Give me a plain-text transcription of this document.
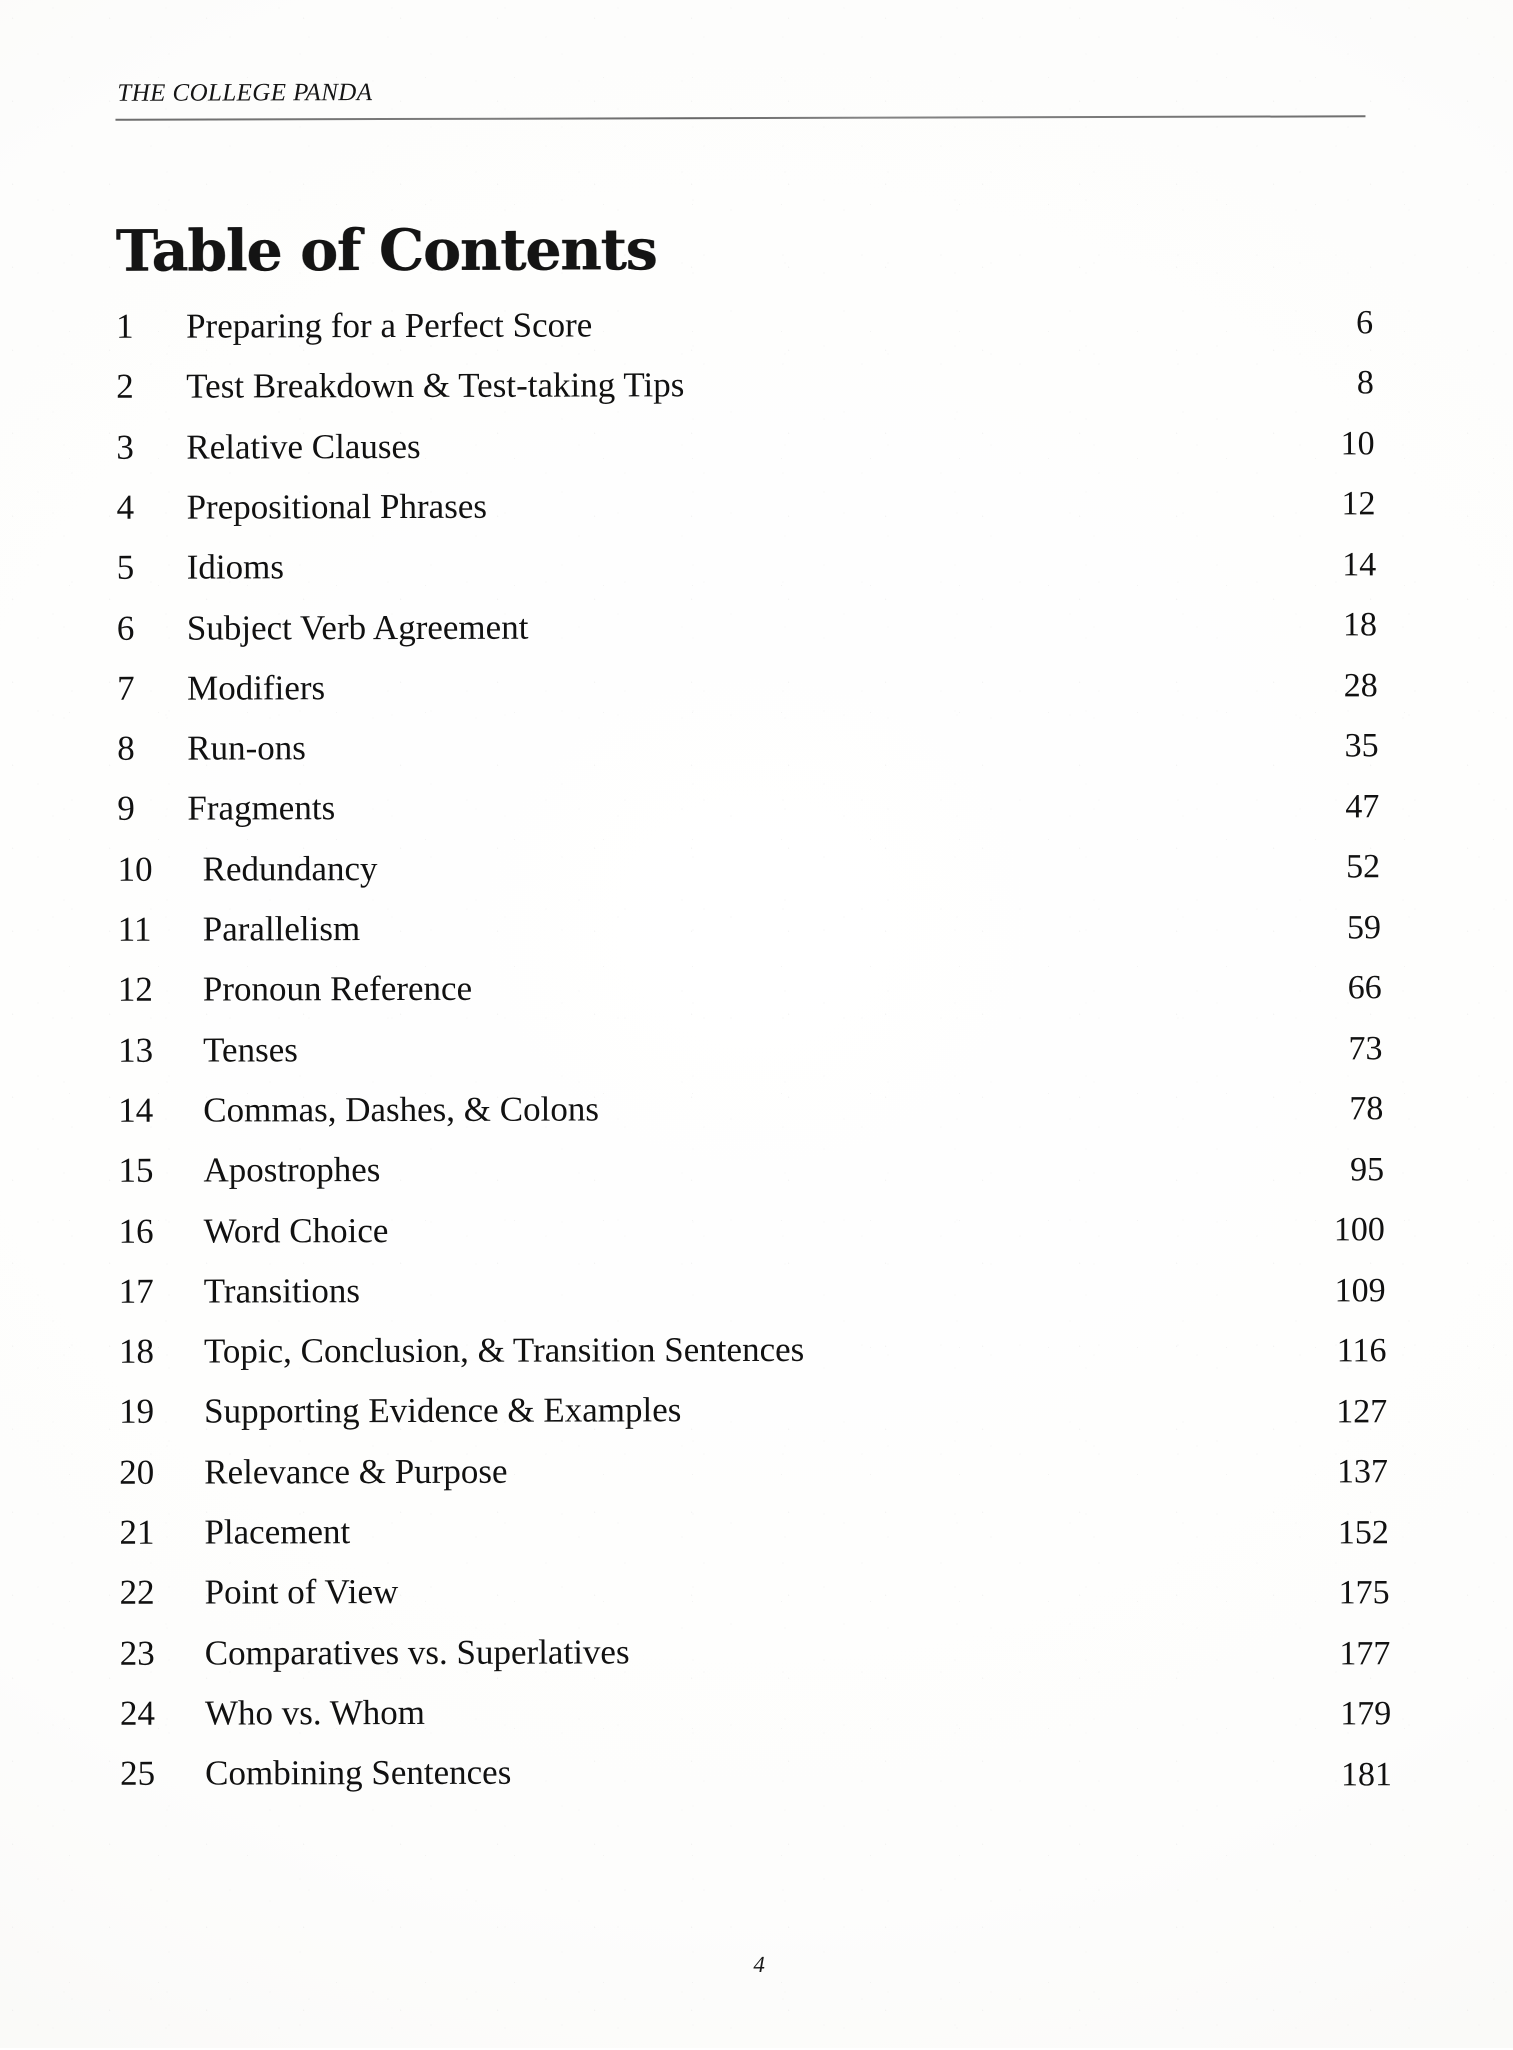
THE COLLEGE PANDA
Table of Contents
1	Preparing for a Perfect Score	6
2	Test Breakdown & Test-taking Tips	8
3	Relative Clauses	10
4	Prepositional Phrases	12
5	Idioms	14
6	Subject Verb Agreement	18
7	Modifiers	28
8	Run-ons	35
9	Fragments	47
10	Redundancy	52
11	Parallelism	59
12	Pronoun Reference	66
13	Tenses	73
14	Commas, Dashes, & Colons	78
15	Apostrophes	95
16	Word Choice	100
17	Transitions	109
18	Topic, Conclusion, & Transition Sentences	116
19	Supporting Evidence & Examples	127
20	Relevance & Purpose	137
21	Placement	152
22	Point of View	175
23	Comparatives vs. Superlatives	177
24	Who vs. Whom	179
25	Combining Sentences	181
4
